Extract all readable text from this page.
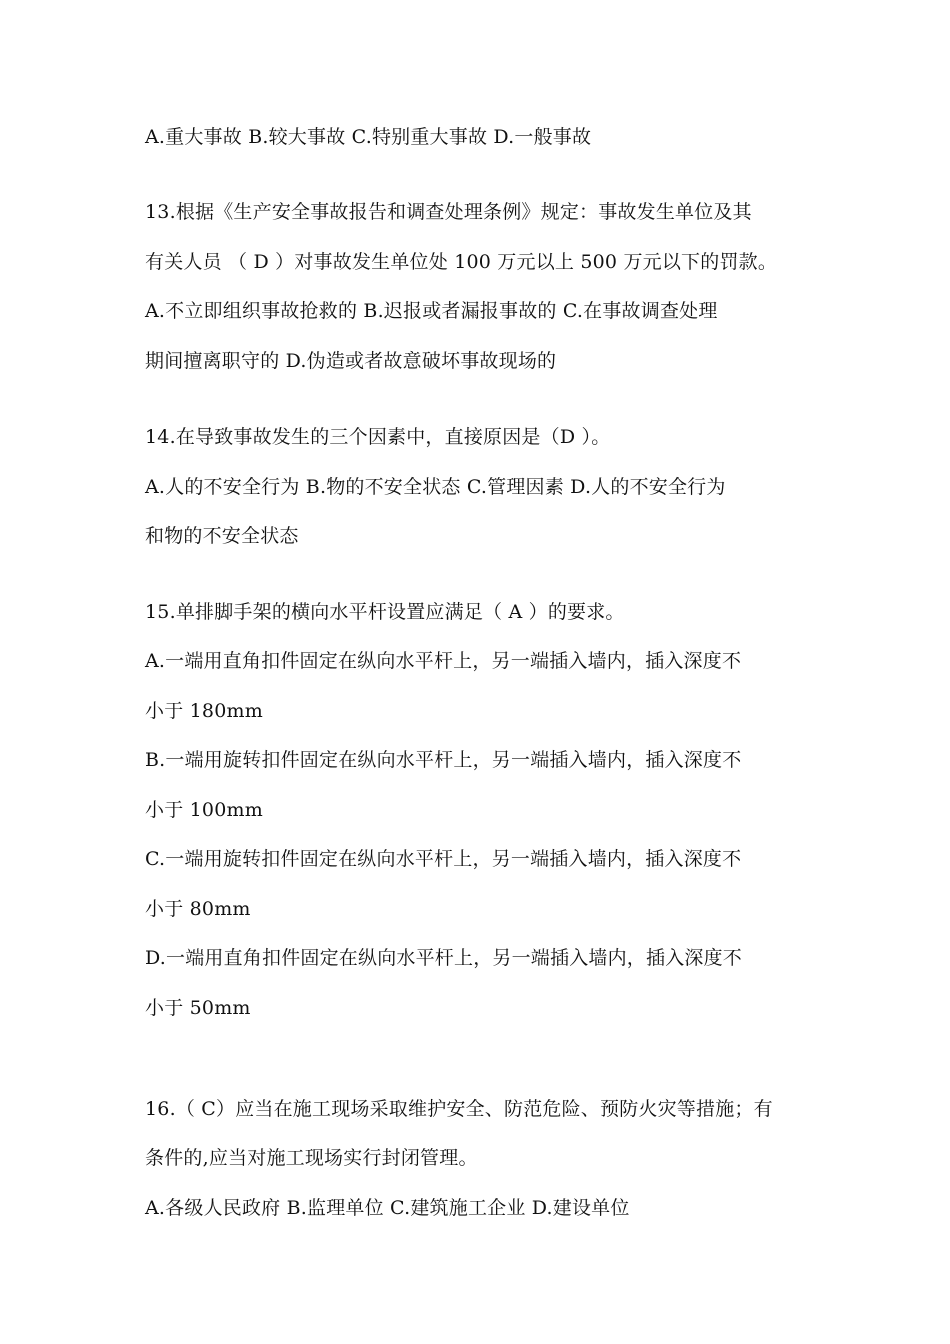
A.重大事故 B.较大事故 C.特别重大事故 D.一般事故
13.根据《生产安全事故报告和调查处理条例》规定：事故发生单位及其
有关人员 （ D ）对事故发生单位处 100 万元以上 500 万元以下的罚款。
A.不立即组织事故抢救的 B.迟报或者漏报事故的 C.在事故调查处理
期间擅离职守的 D.伪造或者故意破坏事故现场的
14.在导致事故发生的三个因素中，直接原因是（D ）。
A.人的不安全行为 B.物的不安全状态 C.管理因素 D.人的不安全行为
和物的不安全状态
15.单排脚手架的横向水平杆设置应满足（ A ）的要求。
A.一端用直角扣件固定在纵向水平杆上，另一端插入墙内，插入深度不
小于 180mm
B.一端用旋转扣件固定在纵向水平杆上，另一端插入墙内，插入深度不
小于 100mm
C.一端用旋转扣件固定在纵向水平杆上，另一端插入墙内，插入深度不
小于 80mm
D.一端用直角扣件固定在纵向水平杆上，另一端插入墙内，插入深度不
小于 50mm
16.（ C）应当在施工现场采取维护安全、防范危险、预防火灾等措施；有
条件的,应当对施工现场实行封闭管理。
A.各级人民政府 B.监理单位 C.建筑施工企业 D.建设单位
